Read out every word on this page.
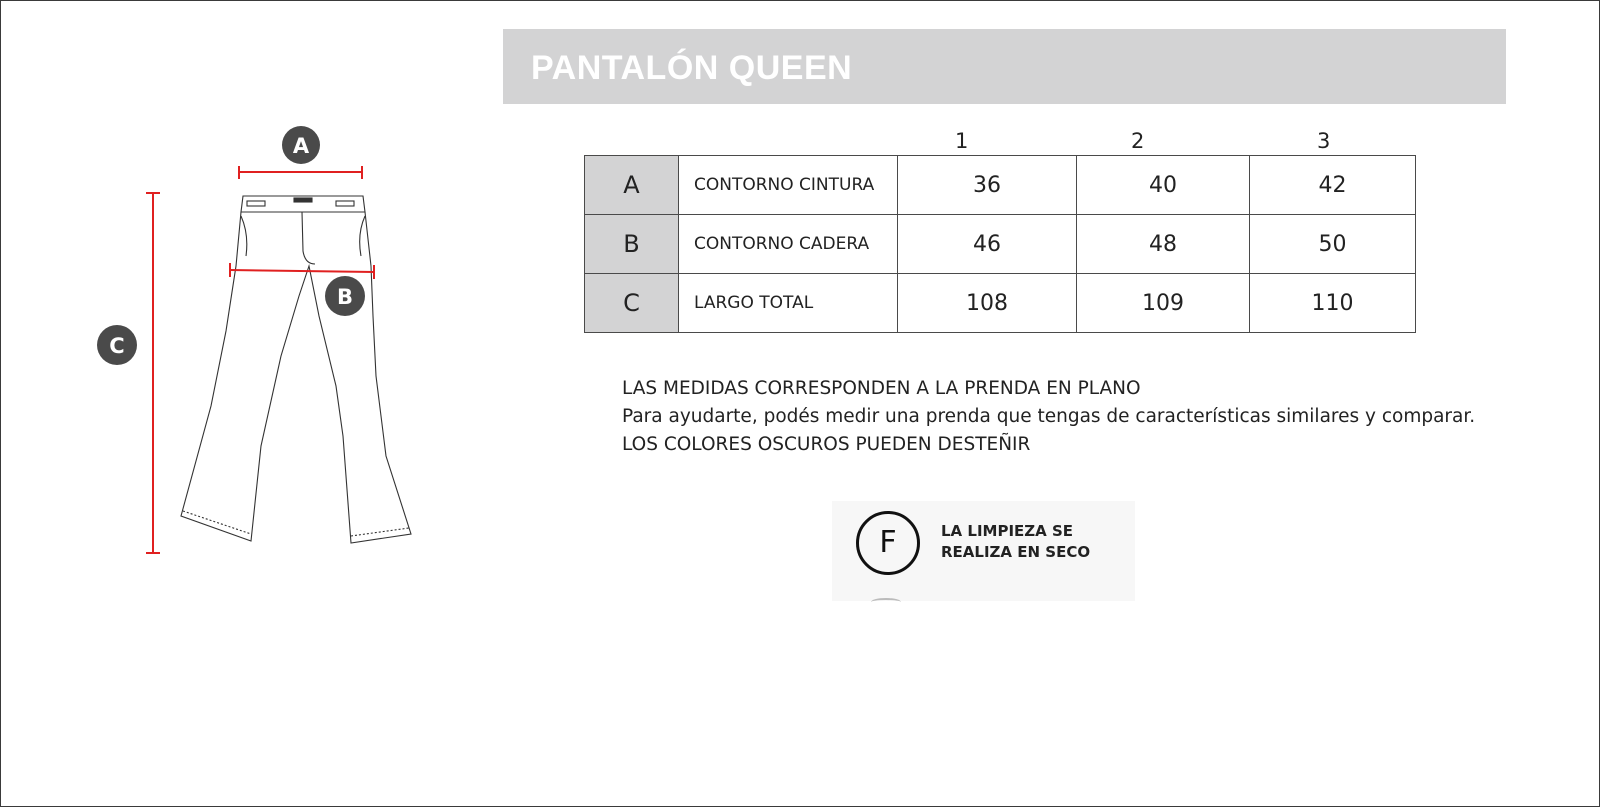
PANTALÓN QUEEN
A
B
C
1	2	3
A	CONTORNO CINTURA	36	40	42
B	CONTORNO CADERA	46	48	50
C	LARGO TOTAL	108	109	110
LAS MEDIDAS CORRESPONDEN A LA PRENDA EN PLANO
Para ayudarte, podés medir una prenda que tengas de características similares y comparar.
LOS COLORES OSCUROS PUEDEN DESTEÑIR
F	LA LIMPIEZA SE
REALIZA EN SECO
